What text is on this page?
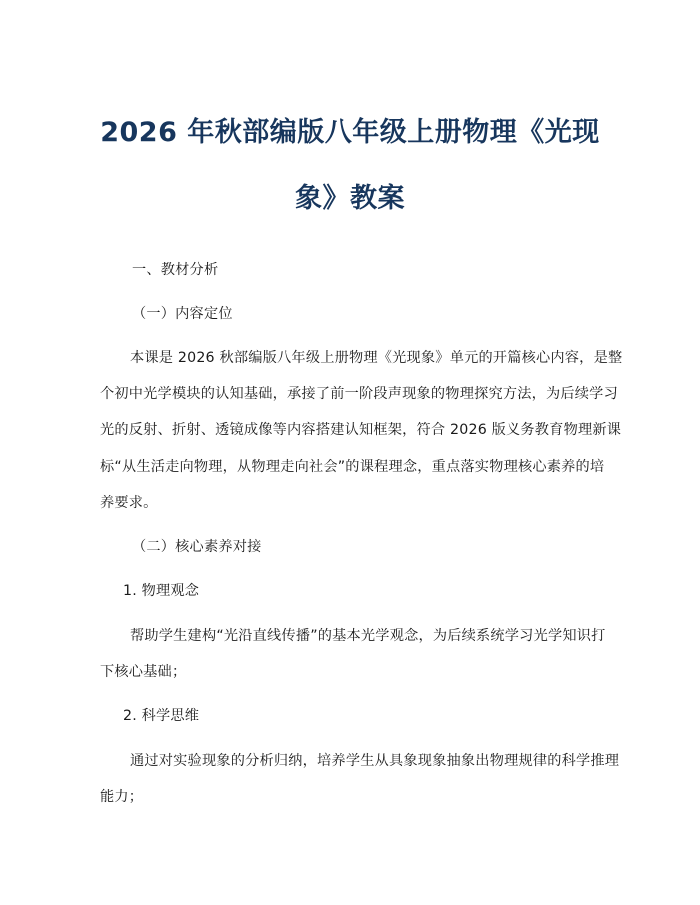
2026 年秋部编版八年级上册物理《光现
象》教案
一、教材分析
（一）内容定位
本课是 2026 秋部编版八年级上册物理《光现象》单元的开篇核心内容，是整
个初中光学模块的认知基础，承接了前一阶段声现象的物理探究方法，为后续学习
光的反射、折射、透镜成像等内容搭建认知框架，符合 2026 版义务教育物理新课
标“从生活走向物理，从物理走向社会”的课程理念，重点落实物理核心素养的培
养要求。
（二）核心素养对接
1. 物理观念
帮助学生建构“光沿直线传播”的基本光学观念，为后续系统学习光学知识打
下核心基础；
2. 科学思维
通过对实验现象的分析归纳，培养学生从具象现象抽象出物理规律的科学推理
能力；
